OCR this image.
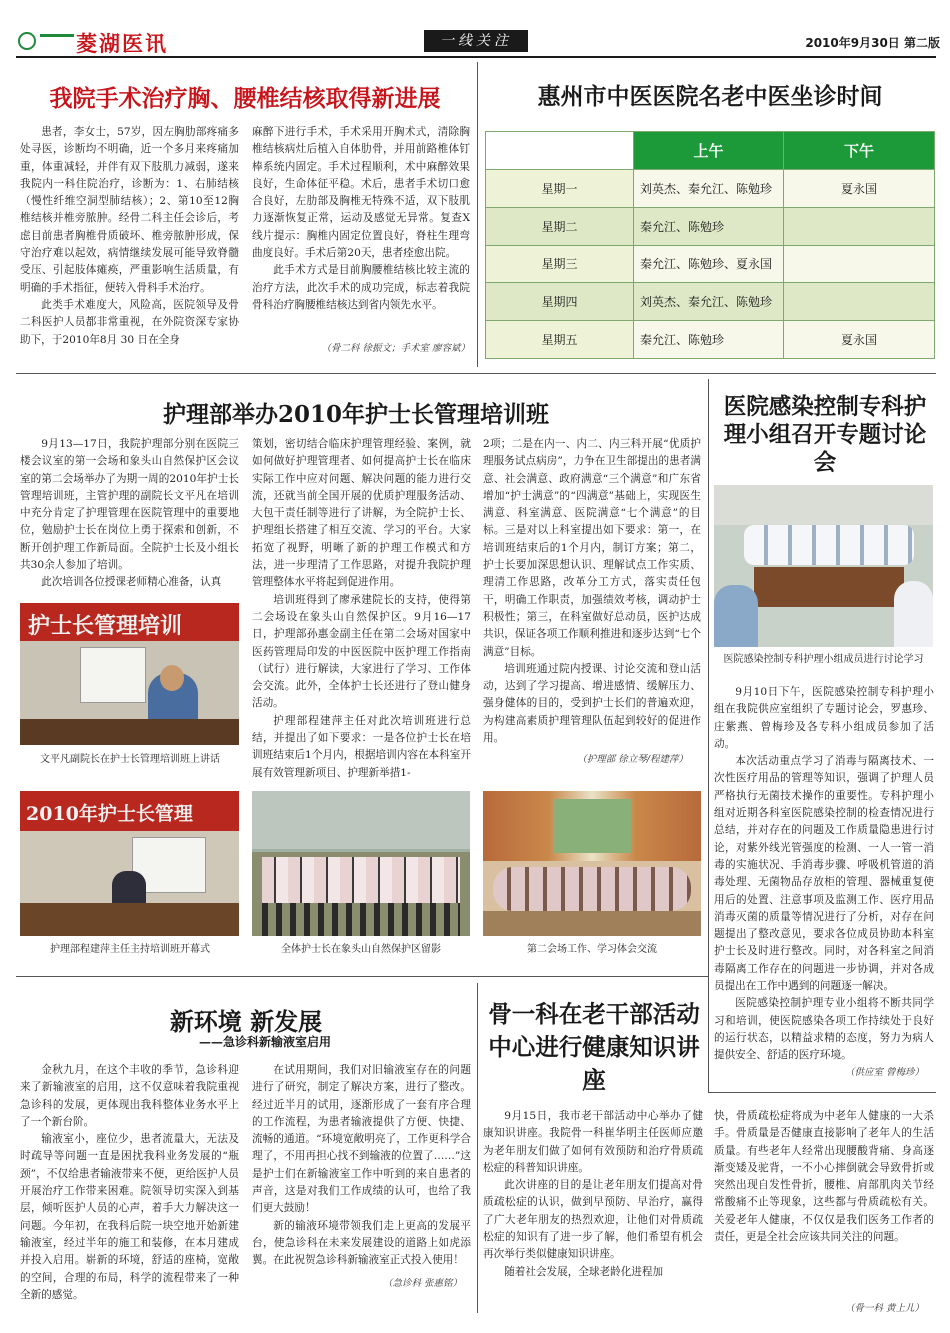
菱湖医讯	一线关注	2010年9月30日 第二版
我院手术治疗胸、腰椎结核取得新进展

患者，李女士，57岁，因左胸肋部疼痛多处寻医，诊断均不明确，近一个多月来疼痛加重，体重减轻，并伴有双下肢肌力减弱，遂来我院内一科住院治疗，诊断为：1、右肺结核（慢性纤维空洞型肺结核）；2、第10至12胸椎结核并椎旁脓肿。经骨二科主任会诊后，考虑目前患者胸椎骨质破坏、椎旁脓肿形成，保守治疗难以起效，病情继续发展可能导致脊髓受压、引起肢体瘫痪，严重影响生活质量，有明确的手术指征，便转入骨科手术治疗。

此类手术难度大，风险高，医院领导及骨二科医护人员都非常重视，在外院资深专家协助下，于2010年8月 30 日在全身

麻醉下进行手术，手术采用开胸术式，清除胸椎结核病灶后植入自体肋骨，并用前路椎体钉棒系统内固定。手术过程顺利，术中麻醉效果良好，生命体征平稳。术后，患者手术切口愈合良好，左肋部及胸椎无特殊不适，双下肢肌力逐渐恢复正常，运动及感觉无异常。复查X线片提示：胸椎内固定位置良好，脊柱生理弯曲度良好。手术后第20天，患者痊愈出院。

此手术方式是目前胸腰椎结核比较主流的治疗方法，此次手术的成功完成，标志着我院骨科治疗胸腰椎结核达到省内领先水平。

（骨二科 徐振文；手术室 廖容斌）
惠州市中医医院名老中医坐诊时间
	上午	下午
星期一	刘英杰、秦允江、陈勉珍	夏永国
星期二	秦允江、陈勉珍	
星期三	秦允江、陈勉珍、夏永国	
星期四	刘英杰、秦允江、陈勉珍	
星期五	秦允江、陈勉珍	夏永国
护理部举办2010年护士长管理培训班

9月13—17日，我院护理部分别在医院三楼会议室的第一会场和象头山自然保护区会议室的第二会场举办了为期一周的2010年护士长管理培训班，主管护理的副院长文平凡在培训中充分肯定了护理管理在医院管理中的重要地位，勉励护士长在岗位上勇于探索和创新，不断开创护理工作新局面。全院护士长及小组长共30余人参加了培训。

此次培训各位授课老师精心准备，认真

护士长管理培训
文平凡副院长在护士长管理培训班上讲话

策划，密切结合临床护理管理经验、案例，就如何做好护理管理者、如何提高护士长在临床实际工作中应对问题、解决问题的能力进行交流，还就当前全国开展的优质护理服务活动、大包干责任制等进行了讲解，为全院护士长、护理组长搭建了相互交流、学习的平台。大家拓宽了视野，明晰了新的护理工作模式和方法，进一步理清了工作思路，对提升我院护理管理整体水平将起到促进作用。

培训班得到了廖承建院长的支持，使得第二会场设在象头山自然保护区。9月16—17日，护理部孙惠金副主任在第二会场对国家中医药管理局印发的中医医院中医护理工作指南（试行）进行解读，大家进行了学习、工作体会交流。此外，全体护士长还进行了登山健身活动。

护理部程建萍主任对此次培训班进行总结，并提出了如下要求：一是各位护士长在培训班结束后1个月内，根据培训内容在本科室开展有效管理新项目、护理新举措1-

2项；二是在内一、内二、内三科开展“优质护理服务试点病房”，力争在卫生部提出的患者满意、社会满意、政府满意“三个满意”和广东省增加“护士满意”的“四满意”基础上，实现医生满意、科室满意、医院满意“七个满意”的目标。三是对以上科室提出如下要求：第一，在培训班结束后的1个月内，制订方案；第二，护士长要加深思想认识、理解试点工作实质、理清工作思路，改革分工方式，落实责任包干，明确工作职责，加强绩效考核，调动护士积极性；第三，在科室做好总动员，医护达成共识，保证各项工作顺利推进和逐步达到“七个满意”目标。

培训班通过院内授课、讨论交流和登山活动，达到了学习提高、增进感情、缓解压力、强身健体的目的，受到护士长们的普遍欢迎，为构建高素质护理管理队伍起到较好的促进作用。

（护理部 徐立琴/程建萍）
2010年护士长管理
护理部程建萍主任主持培训班开幕式	全体护士长在象头山自然保护区留影	第二会场工作、学习体会交流
医院感染控制专科护理小组召开专题讨论会
医院感染控制专科护理小组成员进行讨论学习

9月10日下午，医院感染控制专科护理小组在我院供应室组织了专题讨论会，罗惠珍、庄紫燕、曾梅珍及各专科小组成员参加了活动。

本次活动重点学习了消毒与隔离技术、一次性医疗用品的管理等知识，强调了护理人员严格执行无菌技术操作的重要性。专科护理小组对近期各科室医院感染控制的检查情况进行总结，并对存在的问题及工作质量隐患进行讨论，对紫外线光管强度的检测、一人一管一消毒的实施状况、手消毒步骤、呼吸机管道的消毒处理、无菌物品存放柜的管理、器械重复使用后的处置、注意事项及监测工作、医疗用品消毒灭菌的质量等情况进行了分析，对存在问题提出了整改意见，要求各位成员协助本科室护士长及时进行整改。同时，对各科室之间消毒隔离工作存在的问题进一步协调，并对各成员提出在工作中遇到的问题逐一解决。

医院感染控制护理专业小组将不断共同学习和培训，使医院感染各项工作持续处于良好的运行状态，以精益求精的态度，努力为病人提供安全、舒适的医疗环境。

（供应室 曾梅珍）
新环境 新发展
——急诊科新输液室启用

金秋九月，在这个丰收的季节，急诊科迎来了新输液室的启用，这不仅意味着我院重视急诊科的发展，更体现出我科整体业务水平上了一个新台阶。

输液室小，座位少，患者流量大，无法及时疏导等问题一直是困扰我科业务发展的“瓶颈”，不仅给患者输液带来不便，更给医护人员开展治疗工作带来困难。院领导切实深入到基层，倾听医护人员的心声，着手大力解决这一问题。今年初，在我科后院一块空地开始新建输液室，经过半年的施工和装修，在本月建成并投入启用。崭新的环境，舒适的座椅，宽敞的空间，合理的布局，科学的流程带来了一种全新的感觉。

在试用期间，我们对旧输液室存在的问题进行了研究，制定了解决方案，进行了整改。经过近半月的试用，逐渐形成了一套有序合理的工作流程，为患者输液提供了方便、快捷、流畅的通道。“环境宽敞明亮了，工作更科学合理了，不用再担心找不到输液的位置了……”这是护士们在新输液室工作中听到的来自患者的声音，这是对我们工作成绩的认可，也给了我们更大鼓励！

新的输液环境带领我们走上更高的发展平台，使急诊科在未来发展建设的道路上如虎添翼。在此祝贺急诊科新输液室正式投入使用！

（急诊科 张惠铭）
骨一科在老干部活动中心进行健康知识讲座

9月15日，我市老干部活动中心举办了健康知识讲座。我院骨一科崔华明主任医师应邀为老年朋友们做了如何有效预防和治疗骨质疏松症的科普知识讲座。

此次讲座的目的是让老年朋友们提高对骨质疏松症的认识，做到早预防、早治疗，赢得了广大老年朋友的热烈欢迎，让他们对骨质疏松症的知识有了进一步了解，他们希望有机会再次举行类似健康知识讲座。

随着社会发展，全球老龄化进程加

快，骨质疏松症将成为中老年人健康的一大杀手。骨质量是否健康直接影响了老年人的生活质量。有些老年人经常出现腰酸背痛、身高逐渐变矮及驼背，一不小心摔倒就会导致骨折或突然出现自发性骨折，腰椎、肩部肌肉关节经常酸痛不止等现象，这些都与骨质疏松有关。关爱老年人健康，不仅仅是我们医务工作者的责任，更是全社会应该共同关注的问题。

（骨一科 黄上儿）
